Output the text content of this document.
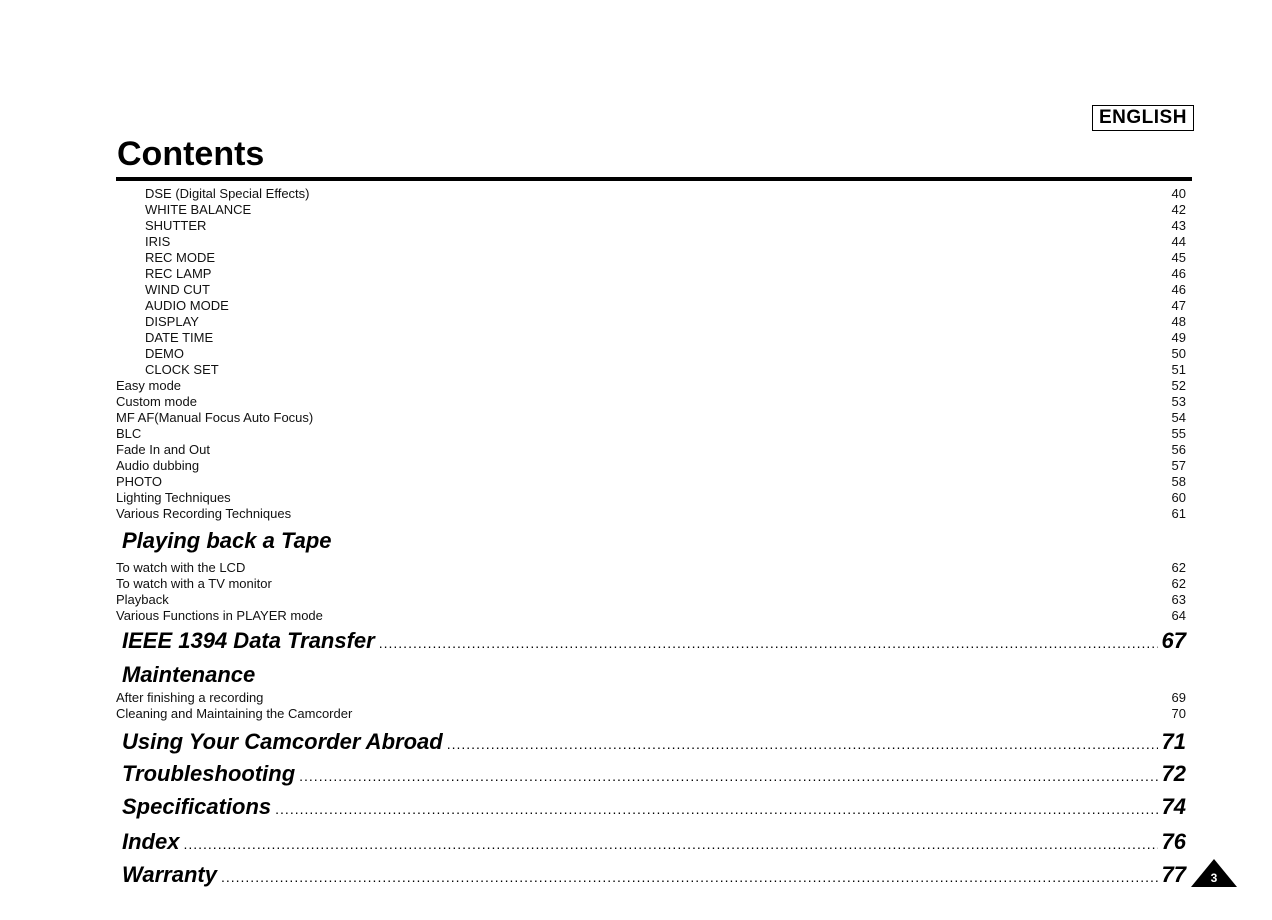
ENGLISH
Contents
DSE (Digital Special Effects)	40
WHITE BALANCE	42
SHUTTER	43
IRIS	44
REC MODE	45
REC LAMP	46
WIND CUT	46
AUDIO MODE	47
DISPLAY	48
DATE TIME	49
DEMO	50
CLOCK SET	51
Easy mode	52
Custom mode	53
MF AF(Manual Focus Auto Focus)	54
BLC	55
Fade In and Out	56
Audio dubbing	57
PHOTO	58
Lighting Techniques	60
Various Recording Techniques	61
Playing back a Tape
To watch with the LCD	62
To watch with a TV monitor	62
Playback	63
Various Functions in PLAYER mode	64
IEEE 1394 Data Transfer .....	67
Maintenance
After finishing a recording	69
Cleaning and Maintaining the Camcorder	70
Using Your Camcorder Abroad .....	71
Troubleshooting .....	72
Specifications .....	74
Index .....	76
Warranty .....	77	3
